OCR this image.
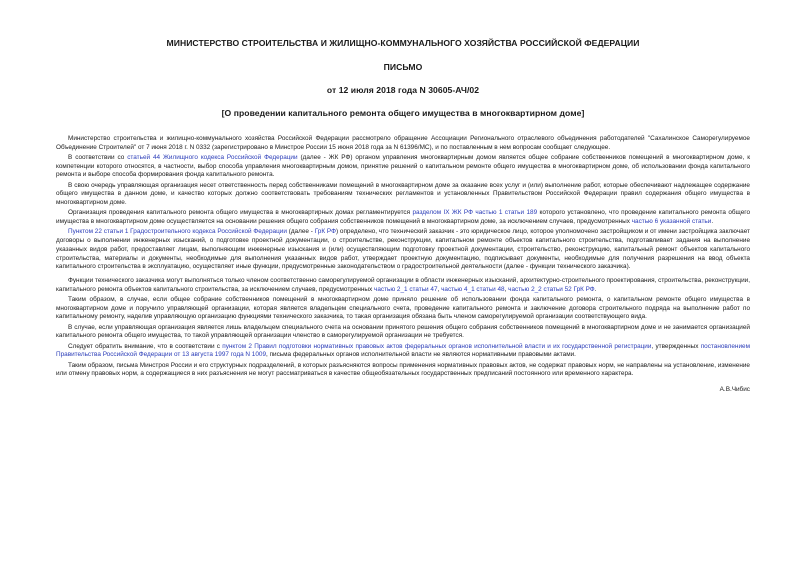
МИНИСТЕРСТВО СТРОИТЕЛЬСТВА И ЖИЛИЩНО-КОММУНАЛЬНОГО ХОЗЯЙСТВА РОССИЙСКОЙ ФЕДЕРАЦИИ
ПИСЬМО
от 12 июля 2018 года N 30605-АЧ/02
[О проведении капитального ремонта общего имущества в многоквартирном доме]

Министерство строительства и жилищно-коммунального хозяйства Российской Федерации рассмотрело обращение Ассоциации Регионального отраслевого объединения работодателей "Сахалинское Саморегулируемое Объединение Строителей" от 7 июня 2018 г. N 0332 (зарегистрировано в Минстрое России 15 июня 2018 года за N 61396/МС), и по поставленным в нем вопросам сообщает следующее.

В соответствии со статьей 44 Жилищного кодекса Российской Федерации (далее - ЖК РФ) органом управления многоквартирным домом является общее собрание собственников помещений в многоквартирном доме, к компетенции которого относятся, в частности, выбор способа управления многоквартирным домом, принятие решений о капитальном ремонте общего имущества в многоквартирном доме, об использовании фонда капитального ремонта и выборе способа формирования фонда капитального ремонта.

В свою очередь управляющая организация несет ответственность перед собственниками помещений в многоквартирном доме за оказание всех услуг и (или) выполнение работ, которые обеспечивают надлежащее содержание общего имущества в данном доме, и качество которых должно соответствовать требованиям технических регламентов и установленных Правительством Российской Федерации правил содержания общего имущества в многоквартирном доме.

Организация проведения капитального ремонта общего имущества в многоквартирных домах регламентируется разделом IX ЖК РФ частью 1 статьи 189 которого установлено, что проведение капитального ремонта общего имущества в многоквартирном доме осуществляется на основании решения общего собрания собственников помещений в многоквартирном доме, за исключением случаев, предусмотренных частью 6 указанной статьи.

Пунктом 22 статьи 1 Градостроительного кодекса Российской Федерации (далее - ГрК РФ) определено, что технический заказчик - это юридическое лицо, которое уполномочено застройщиком и от имени застройщика заключает договоры о выполнении инженерных изысканий, о подготовке проектной документации, о строительстве, реконструкции, капитальном ремонте объектов капитального строительства, подготавливает задания на выполнение указанных видов работ, предоставляет лицам, выполняющим инженерные изыскания и (или) осуществляющим подготовку проектной документации, строительство, реконструкцию, капитальный ремонт объектов капитального строительства, материалы и документы, необходимые для выполнения указанных видов работ, утверждает проектную документацию, подписывает документы, необходимые для получения разрешения на ввод объекта капитального строительства в эксплуатацию, осуществляет иные функции, предусмотренные законодательством о градостроительной деятельности (далее - функции технического заказчика).

Функции технического заказчика могут выполняться только членом соответственно саморегулируемой организации в области инженерных изысканий, архитектурно-строительного проектирования, строительства, реконструкции, капитального ремонта объектов капитального строительства, за исключением случаев, предусмотренных частью 2_1 статьи 47, частью 4_1 статьи 48, частью 2_2 статьи 52 ГрК РФ.

Таким образом, в случае, если общее собрание собственников помещений в многоквартирном доме приняло решение об использовании фонда капитального ремонта, о капитальном ремонте общего имущества в многоквартирном доме и поручило управляющей организации, которая является владельцем специального счета, проведение капитального ремонта и заключение договора строительного подряда на выполнение работ по капитальному ремонту, наделив управляющую организацию функциями технического заказчика, то такая организация обязана быть членом саморегулируемой организации соответствующего вида.

В случае, если управляющая организация является лишь владельцем специального счета на основании принятого решения общего собрания собственников помещений в многоквартирном доме и не занимается организацией капитального ремонта общего имущества, то такой управляющей организации членство в саморегулируемой организации не требуется.

Следует обратить внимание, что в соответствии с пунктом 2 Правил подготовки нормативных правовых актов федеральных органов исполнительной власти и их государственной регистрации, утвержденных постановлением Правительства Российской Федерации от 13 августа 1997 года N 1009, письма федеральных органов исполнительной власти не являются нормативными правовыми актами.

Таким образом, письма Минстроя России и его структурных подразделений, в которых разъясняются вопросы применения нормативных правовых актов, не содержат правовых норм, не направлены на установление, изменение или отмену правовых норм, а содержащиеся в них разъяснения не могут рассматриваться в качестве общеобязательных государственных предписаний постоянного или временного характера.

А.В.Чибис
